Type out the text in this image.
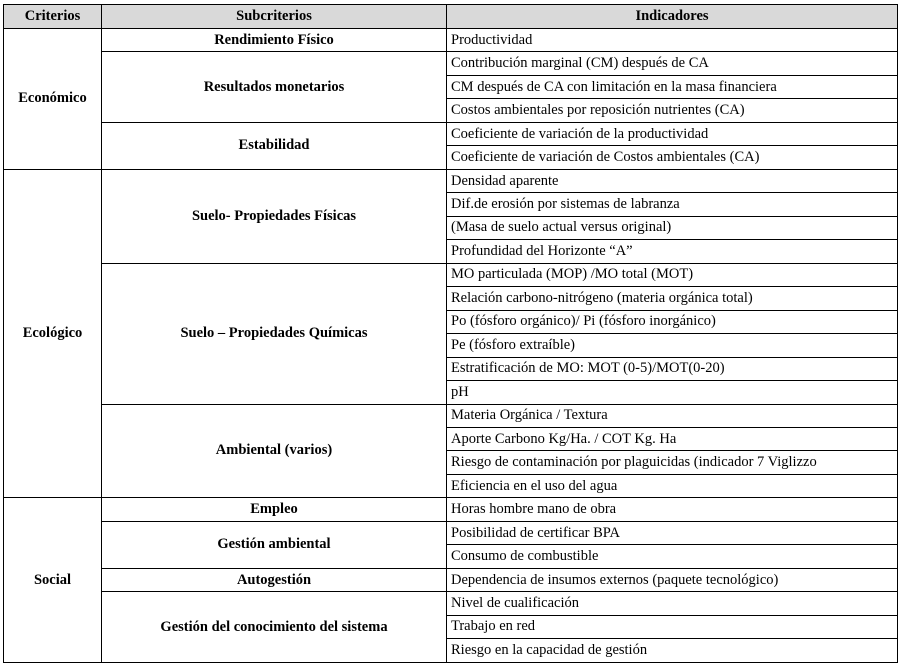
Criterios	Subcriterios	Indicadores
Económico	Rendimiento Físico	Productividad
	Resultados monetarios	Contribución marginal (CM) después de CA
		CM después de CA con limitación en la masa financiera
		Costos ambientales por reposición nutrientes (CA)
	Estabilidad	Coeficiente de variación de la productividad
		Coeficiente de variación de Costos ambientales (CA)
Ecológico	Suelo- Propiedades Físicas	Densidad aparente
		Dif.de erosión por sistemas de labranza
		(Masa de suelo actual versus original)
		Profundidad del Horizonte “A”
	Suelo – Propiedades Químicas	MO particulada (MOP) /MO total (MOT)
		Relación carbono-nitrógeno (materia orgánica total)
		Po (fósforo orgánico)/ Pi (fósforo inorgánico)
		Pe (fósforo extraíble)
		Estratificación de MO: MOT (0-5)/MOT(0-20)
		pH
	Ambiental (varios)	Materia Orgánica / Textura
		Aporte Carbono Kg/Ha. / COT Kg. Ha
		Riesgo de contaminación por plaguicidas (indicador 7 Viglizzo
		Eficiencia en el uso del agua
Social	Empleo	Horas hombre mano de obra
	Gestión ambiental	Posibilidad de certificar BPA
		Consumo de combustible
	Autogestión	Dependencia de insumos externos (paquete tecnológico)
	Gestión del conocimiento del sistema	Nivel de cualificación
		Trabajo en red
		Riesgo en la capacidad de gestión
